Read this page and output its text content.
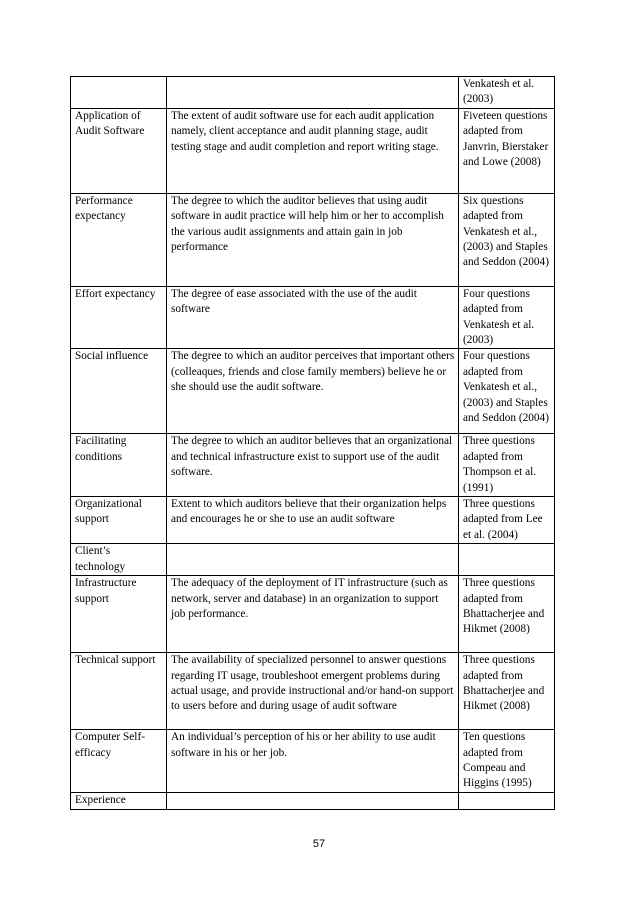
		Venkatesh et al. (2003)
Application of Audit Software	The extent of audit software use for each audit application namely, client acceptance and audit planning stage, audit testing stage and audit completion and report writing stage.	Fiveteen questions adapted from Janvrin, Bierstaker and Lowe (2008)
Performance expectancy	The degree to which the auditor believes that using audit software in audit practice will help him or her to accomplish the various audit assignments and attain gain in job performance	Six questions adapted from Venkatesh et al., (2003) and Staples and Seddon (2004)
Effort expectancy	The degree of ease associated with the use of the audit software	Four questions adapted from Venkatesh et al. (2003)
Social influence	The degree to which an auditor perceives that important others (colleaques, friends and close family members) believe he or she should use the audit software.	Four questions adapted from Venkatesh et al., (2003) and Staples and Seddon (2004)
Facilitating conditions	The degree to which an auditor believes that an organizational and technical infrastructure exist to support use of the audit software.	Three questions adapted from Thompson et al. (1991)
Organizational support	Extent to which auditors believe that their organization helps and encourages he or she to use an audit software	Three questions adapted from Lee et al. (2004)
Client’s technology		
Infrastructure support	The adequacy of the deployment of IT infrastructure (such as network, server and database) in an organization to support job performance.	Three questions adapted from Bhattacherjee and Hikmet (2008)
Technical support	The availability of specialized personnel to answer questions regarding IT usage, troubleshoot emergent problems during actual usage, and provide instructional and/or hand-on support to users before and during usage of audit software	Three questions adapted from Bhattacherjee and Hikmet (2008)
Computer Self-efficacy	An individual’s perception of his or her ability to use audit software in his or her job.	Ten questions adapted from Compeau and Higgins (1995)
Experience		
57
